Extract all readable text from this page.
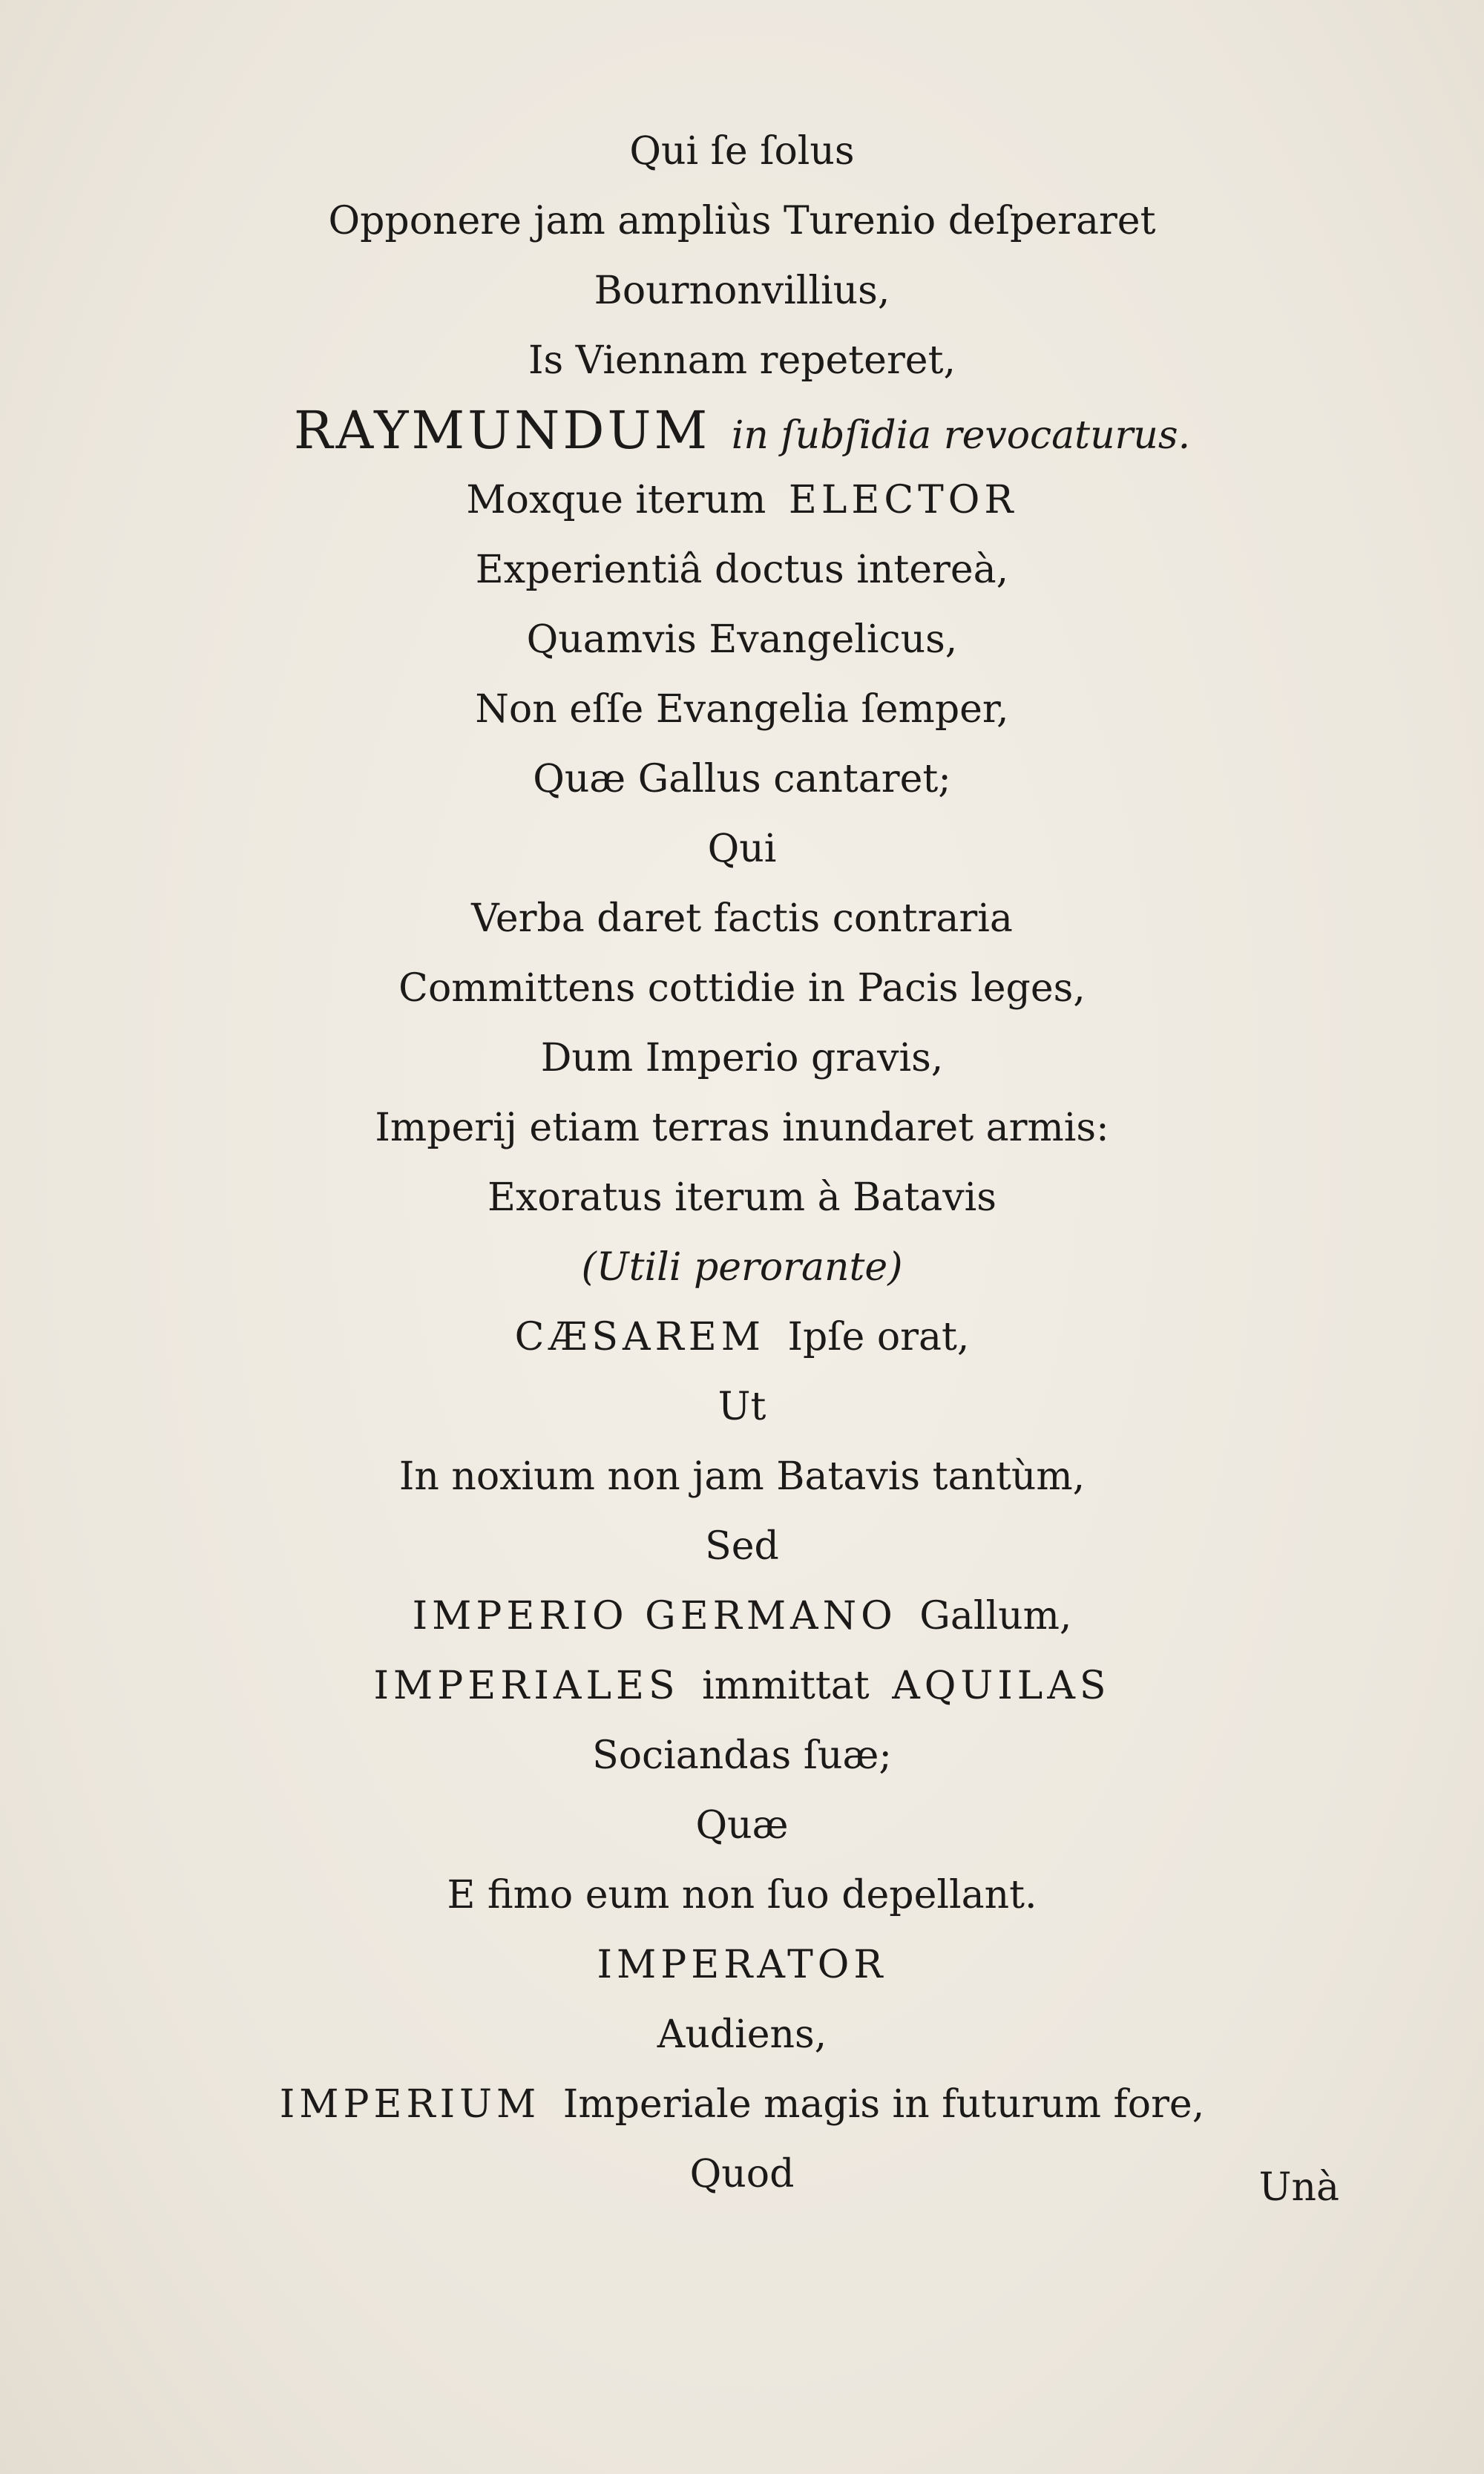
Qui ſe ſolus
Opponere jam ampliùs Turenio deſperaret
Bournonvillius,
Is Viennam repeteret,
RAYMUNDUM in ſubſidia revocaturus.
Moxque iterum ELECTOR
Experientiâ doctus intereà,
Quamvis Evangelicus,
Non eſſe Evangelia ſemper,
Quæ Gallus cantaret;
Qui
Verba daret factis contraria
Committens cottidie in Pacis leges,
Dum Imperio gravis,
Imperij etiam terras inundaret armis:
Exoratus iterum à Batavis
(Utili perorante)
CÆSAREM Ipſe orat,
Ut
In noxium non jam Batavis tantùm,
Sed
IMPERIO GERMANO Gallum,
IMPERIALES immittat AQUILAS
Sociandas ſuæ;
Quæ
E fimo eum non ſuo depellant.
IMPERATOR
Audiens,
IMPERIUM Imperiale magis in futurum fore,
Quod	Unà
